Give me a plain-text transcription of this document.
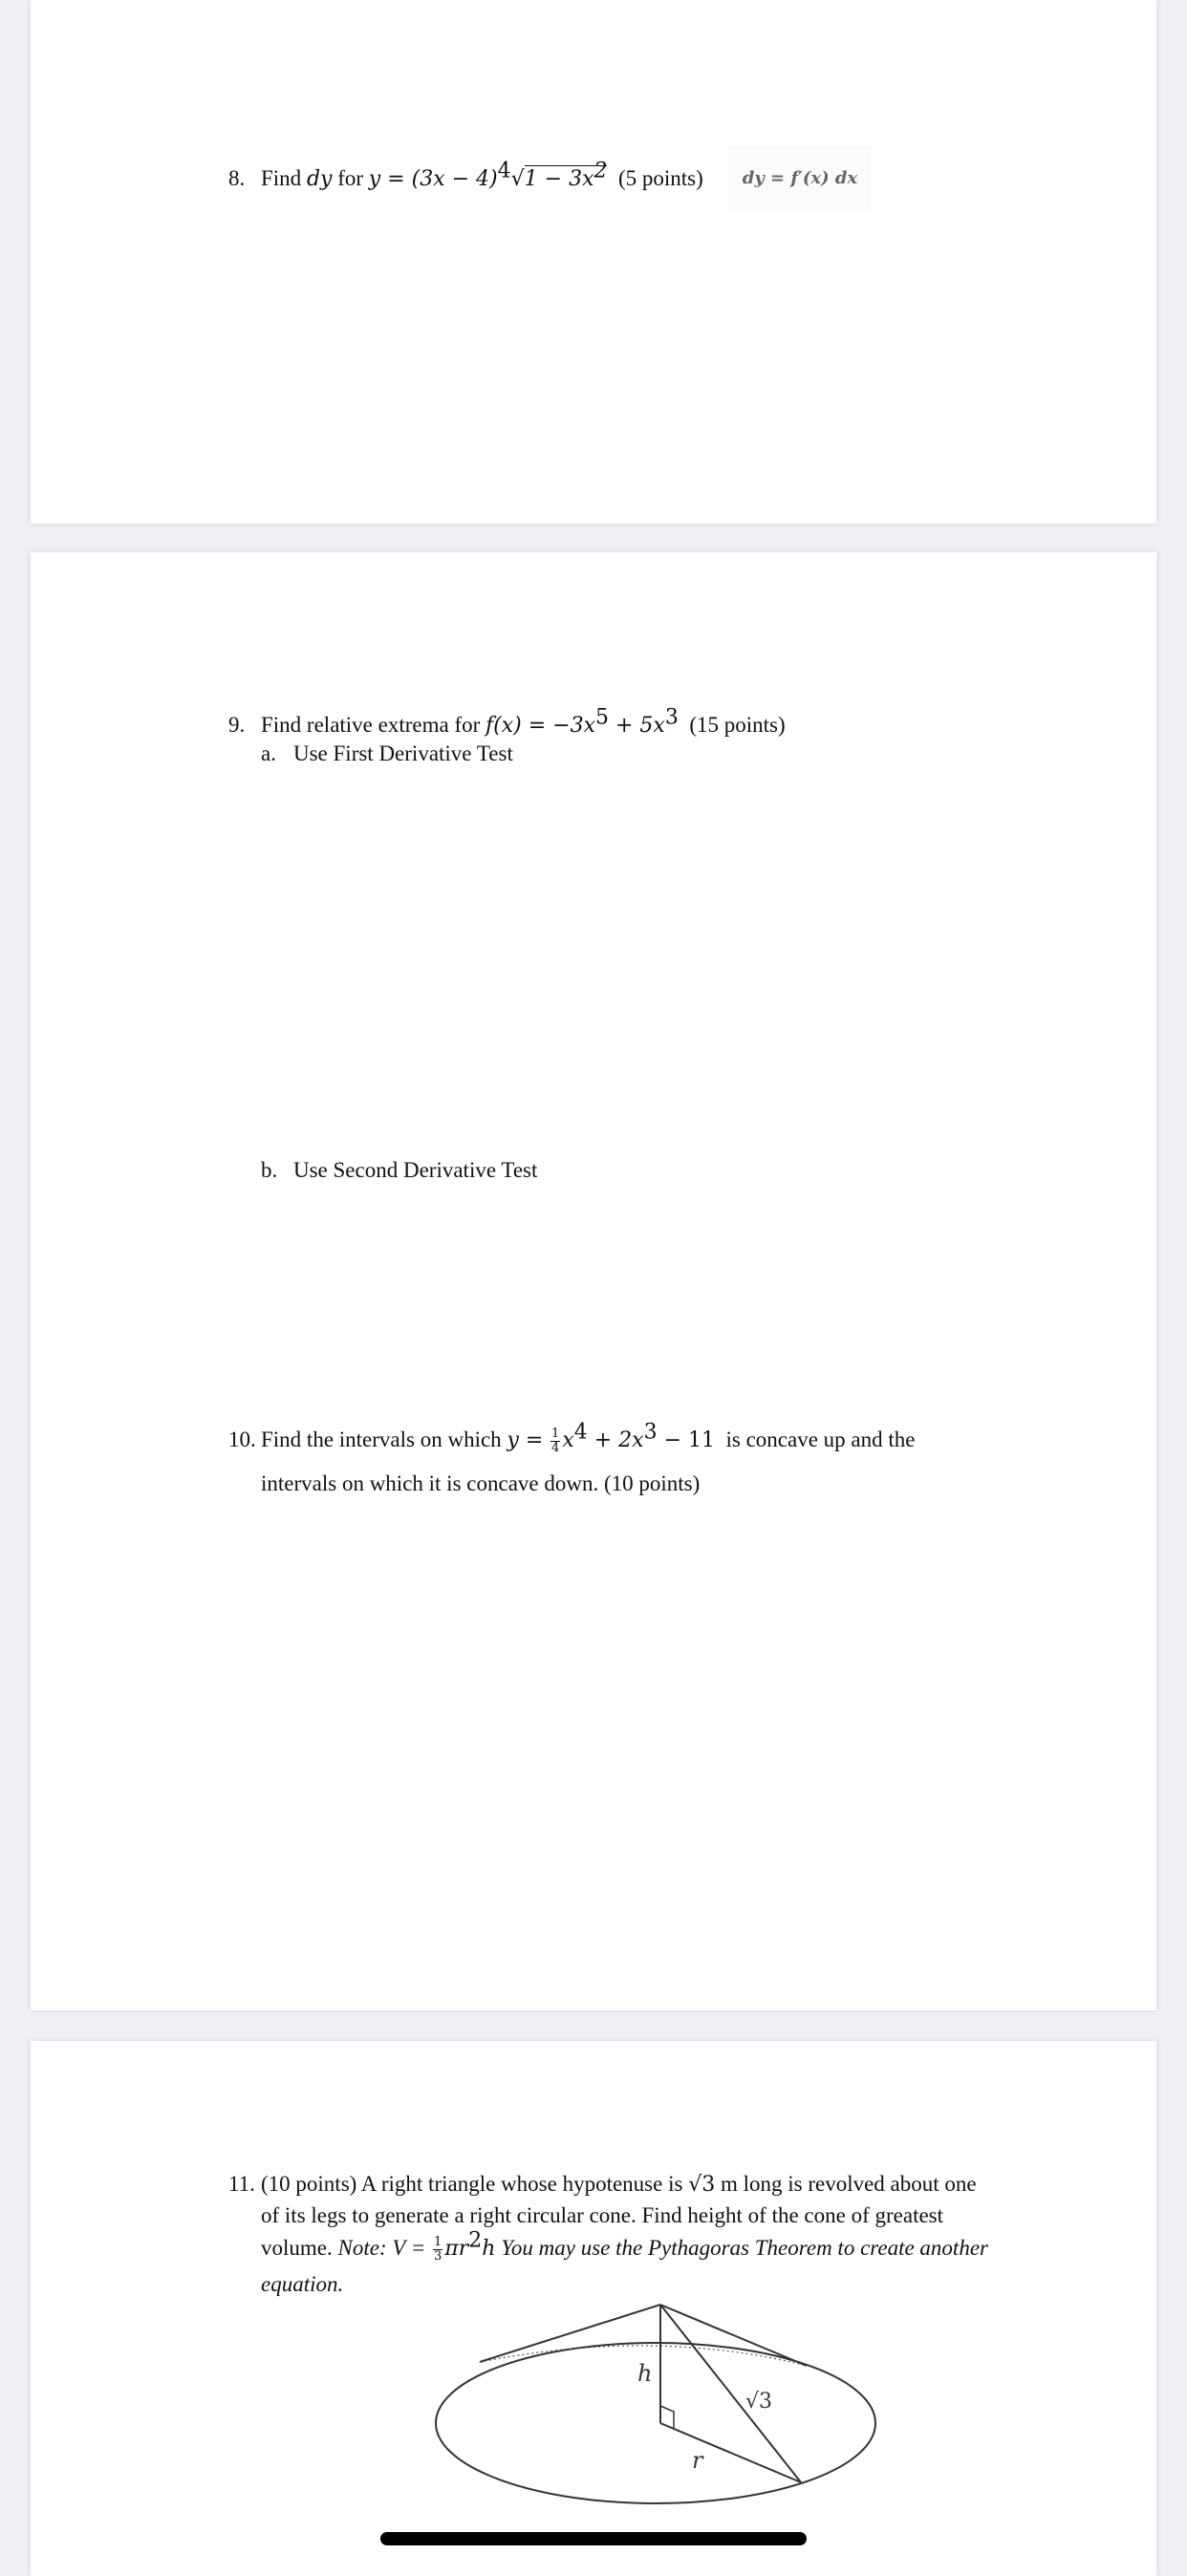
8. Find dy for $y = (3x - 4)^4√1 - 3x^2$ (5 points)	dy = f′(x) dx
9. Find relative extrema for $f(x) = -3x^5 + 5x^3$ (15 points)
a. Use First Derivative Test
b. Use Second Derivative Test
10. Find the intervals on which $y = \frac{1}{4} x^4 + 2x^3 - 11$ is concave up and the
intervals on which it is concave down. (10 points)
11. (10 points) A right triangle whose hypotenuse is √3 m long is revolved about one
of its legs to generate a right circular cone. Find height of the cone of greatest
volume. Note: $V = \frac{1}{3} \pi r^2h$ You may use the Pythagoras Theorem to create another
equation.
h
r
√3
